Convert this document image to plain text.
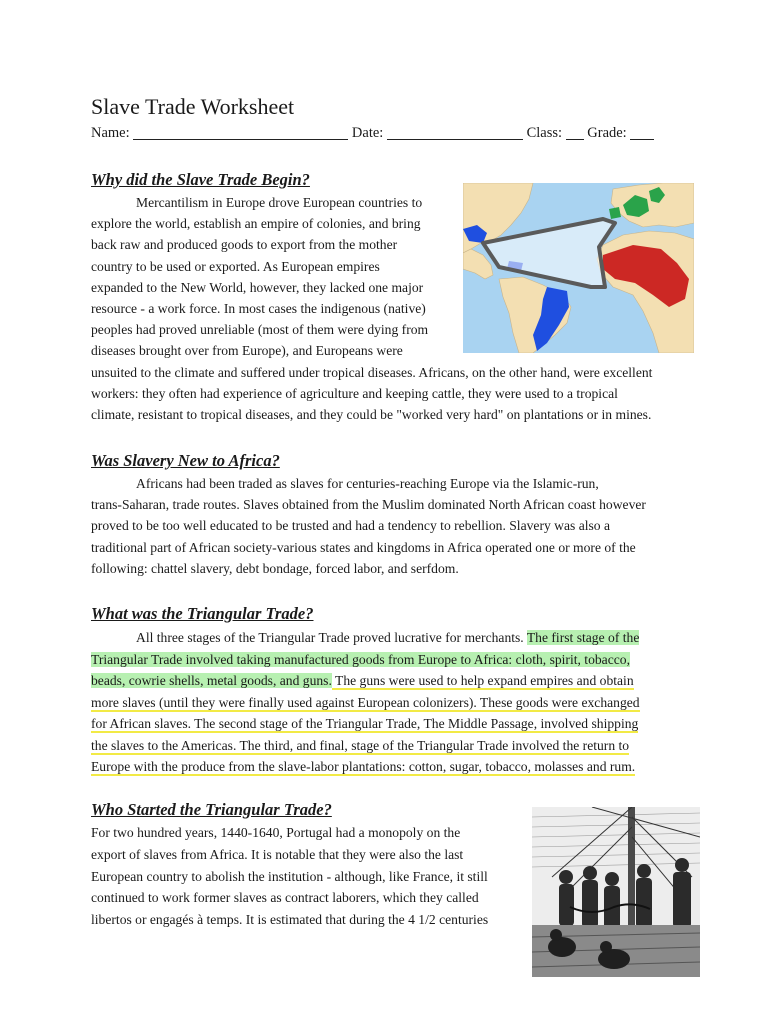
Slave Trade Worksheet
Name:	Date:	Class: Grade:
Why did the Slave Trade Begin?

Mercantilism in Europe drove European countries to
explore the world, establish an empire of colonies, and bring
back raw and produced goods to export from the mother
country to be used or exported. As European empires
expanded to the New World, however, they lacked one major
resource - a work force. In most cases the indigenous (native)
peoples had proved unreliable (most of them were dying from
diseases brought over from Europe), and Europeans were
unsuited to the climate and suffered under tropical diseases. Africans, on the other hand, were excellent
workers: they often had experience of agriculture and keeping cattle, they were used to a tropical
climate, resistant to tropical diseases, and they could be "worked very hard" on plantations or in mines.

Was Slavery New to Africa?

Africans had been traded as slaves for centuries-reaching Europe via the Islamic-run,
trans-Saharan, trade routes. Slaves obtained from the Muslim dominated North African coast however
proved to be too well educated to be trusted and had a tendency to rebellion. Slavery was also a
traditional part of African society-various states and kingdoms in Africa operated one or more of the
following: chattel slavery, debt bondage, forced labor, and serfdom.

What was the Triangular Trade?

All three stages of the Triangular Trade proved lucrative for merchants. The first stage of the
Triangular Trade involved taking manufactured goods from Europe to Africa: cloth, spirit, tobacco,
beads, cowrie shells, metal goods, and guns. The guns were used to help expand empires and obtain
more slaves (until they were finally used against European colonizers). These goods were exchanged
for African slaves. The second stage of the Triangular Trade, The Middle Passage, involved shipping
the slaves to the Americas. The third, and final, stage of the Triangular Trade involved the return to
Europe with the produce from the slave-labor plantations: cotton, sugar, tobacco, molasses and rum.

Who Started the Triangular Trade?

For two hundred years, 1440-1640, Portugal had a monopoly on the
export of slaves from Africa. It is notable that they were also the last
European country to abolish the institution - although, like France, it still
continued to work former slaves as contract laborers, which they called
libertos or engagés à temps. It is estimated that during the 4 1/2 centuries
